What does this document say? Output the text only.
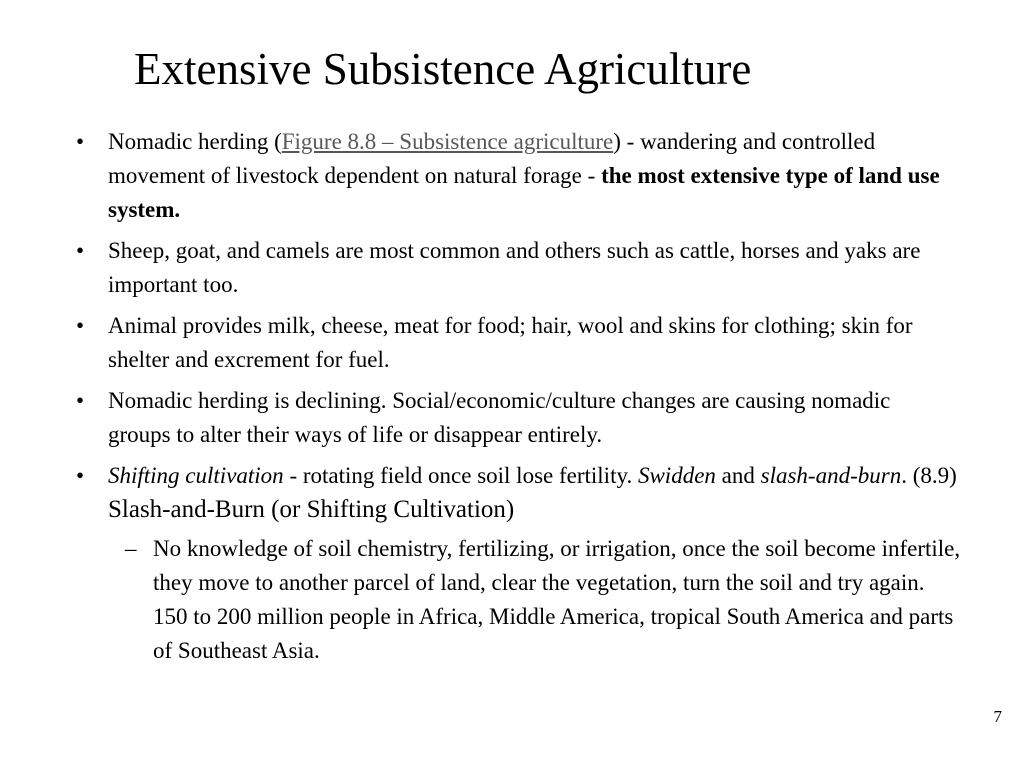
Extensive Subsistence Agriculture
• Nomadic herding (Figure 8.8 – Subsistence agriculture) - wandering and controlled movement of livestock dependent on natural forage - the most extensive type of land use system.
• Sheep, goat, and camels are most common and others such as cattle, horses and yaks are important too.
• Animal provides milk, cheese, meat for food; hair, wool and skins for clothing; skin for shelter and excrement for fuel.
• Nomadic herding is declining. Social/economic/culture changes are causing nomadic groups to alter their ways of life or disappear entirely.
• Shifting cultivation - rotating field once soil lose fertility. Swidden and slash-and-burn. (8.9) Slash-and-Burn (or Shifting Cultivation)
– No knowledge of soil chemistry, fertilizing, or irrigation, once the soil become infertile, they move to another parcel of land, clear the vegetation, turn the soil and try again. 150 to 200 million people in Africa, Middle America, tropical South America and parts of Southeast Asia.
7
